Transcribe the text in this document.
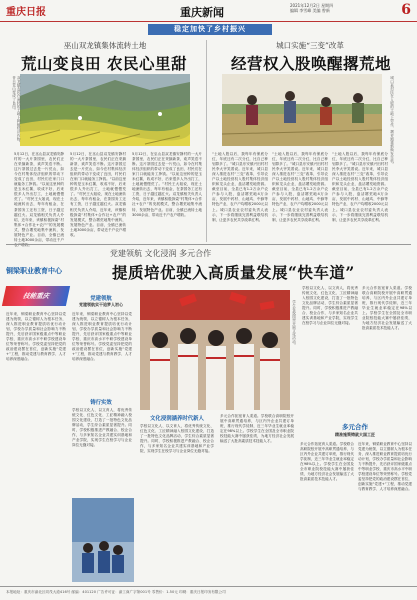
重庆日报	重庆新闻
2021年12月2日 星期四
编辑 李雪峰 美编 曾新	6
稳定加快了乡村振兴
巫山双龙镇集体流转土地
荒山变良田 农民心里甜
双龙镇农民在流转的土地上种植经济作物，昔日荒山变成了良田。
5月12日，在巫山县双龙镇安静村的一大片茶园里，农民们正在采摘新茶，欢声笑语不断。这片茶园过去是一片荒山，如今在村集体经济组织的带动下变成了良田，村民们在家门口就能务工挣钱。“以前这里种的是玉米红薯，收成不好，后来很多人外出打工，土地就慢慢荒了。”村民王大姐说，现在土地流转出去，每年有租金，在茶园务工还有工资，日子越过越红火。双龙镇相关负责人介绍，近年来，该镇积极探索“村集体+合作社+农户”的发展模式，整合撂荒地集中流转，发展特色产业。目前，全镇已流转土地3000余亩，带动近千户
5月12日，在巫山县双龙镇安静村的一大片茶园里，农民们正在采摘新茶，欢声笑语不断。这片茶园过去是一片荒山，如今在村集体经济组织的带动下变成了良田，村民们在家门口就能务工挣钱。“以前这里种的是玉米红薯，收成不好，后来很多人外出打工，土地就慢慢荒了。”村民王大姐说，现在土地流转出去，每年有租金，在茶园务工还有工资，日子越过越红火。双龙镇相关负责人介绍，近年来，该镇积极探索“村集体+合作社+农户”的发展模式，整合撂荒地集中流转，发展特色产业。目前，全镇已流转土地3000余亩，带动近千户农户增收。
5月12日，在巫山县双龙镇安静村的一大片茶园里，农民们正在采摘新茶，欢声笑语不断。这片茶园过去是一片荒山，如今在村集体经济组织的带动下变成了良田，村民们在家门口就能务工挣钱。“以前这里种的是玉米红薯，收成不好，后来很多人外出打工，土地就慢慢荒了。”村民王大姐说，现在土地流转出去，每年有租金，在茶园务工还有工资，日子越过越红火。双龙镇相关负责人介绍，近年来，该镇积极探索“村集体+合作社+农户”的发展模式，整合撂荒地集中流转，发展特色产业。目前，全镇已流转土地3000余亩，带动近千户农户增收。
城口实施“三变”改革
经营权入股唤醒撂荒地
城口县村民在入股的土地上劳作，撂荒地重新焕发生机。
“土地入股以后，我每年有保底分红，年底还有二次分红，比自己种划算多了。”城口县东安镇兴田村村民李大爷笑着说。近年来，城口县深入推进农村“三变”改革，引导农户以土地经营权入股村集体经济组织和龙头企业，盘活撂荒地资源。截至目前，全县已有1.2万余户农户参与入股，盘活撂荒地4万余亩，发展中药材、山地鸡、中蜂等特色产业，农户户均增收2000元以上。城口县农业农村委负责人表示，下一步将继续完善利益联结机制，让更多农民共享改革红利。
“土地入股以后，我每年有保底分红，年底还有二次分红，比自己种划算多了。”城口县东安镇兴田村村民李大爷笑着说。近年来，城口县深入推进农村“三变”改革，引导农户以土地经营权入股村集体经济组织和龙头企业，盘活撂荒地资源。截至目前，全县已有1.2万余户农户参与入股，盘活撂荒地4万余亩，发展中药材、山地鸡、中蜂等特色产业，农户户均增收2000元以上。城口县农业农村委负责人表示，下一步将继续完善利益联结机制，让更多农民共享改革红利。
“土地入股以后，我每年有保底分红，年底还有二次分红，比自己种划算多了。”城口县东安镇兴田村村民李大爷笑着说。近年来，城口县深入推进农村“三变”改革，引导农户以土地经营权入股村集体经济组织和龙头企业，盘活撂荒地资源。截至目前，全县已有1.2万余户农户参与入股，盘活撂荒地4万余亩，发展中药材、山地鸡、中蜂等特色产业，农户户均增收2000元以上。城口县农业农村委负责人表示，下一步将继续完善利益联结机制，让更多农民共享改革红利。
党建领航 文化浸润 多元合作
铜梁职业教育中心	提质培优驶入高质量发展“快车道”
技能重庆	党建领航
党建领航实干追梦人初心
近年来，铜梁职业教育中心坚持以党建为统领，以立德树人为根本任务，深入推进职业教育提质培优行动计划，学校办学质量和社会影响力不断提升，先后获评国家级重点中等职业学校、重庆市高水平中职学校建设单位等荣誉称号。学校党委坚持把党的政治建设摆在首位，创新实施“党建+”工程，推动党建与教育教学、人才培养深度融合。
近年来，铜梁职业教育中心坚持以党建为统领，以立德树人为根本任务，深入推进职业教育提质培优行动计划，学校办学质量和社会影响力不断提升，先后获评国家级重点中等职业学校、重庆市高水平中职学校建设单位等荣誉称号。学校党委坚持把党的政治建设摆在首位，创新实施“党建+”工程，推动党建与教育教学、人才培养深度融合。
铸行实效
学校以文化人、以文育人，将优秀传统文化、红色文化、工匠精神融入校园文化建设，打造了一批特色文化品牌活动，学生综合素质显著提升。同时，学校积极推进产教融合、校企合作，与多家知名企业共建实训基地和产业学院，实现学生在校学习与企业岗位无缝对接。
学生在校园里开展文化活动。
学校以文化人、以文育人，将优秀传统文化、红色文化、工匠精神融入校园文化建设，打造了一批特色文化品牌活动，学生综合素质显著提升。同时，学校积极推进产教融合、校企合作，与多家知名企业共建实训基地和产业学院，实现学生在校学习与企业岗位无缝对接。
多元合作拓宽育人渠道。学校联合高职院校开展中高职贯通培养，与区内外企业共建订单班，推行现代学徒制，近三年毕业生就业率稳定在98%以上。学校学生在全国及全市职业院校技能大赛中屡获佳绩，为地方经济社会发展输送了大批高素质技术技能人才。
文化浸润涵养时代新人
学校以文化人、以文育人，将优秀传统文化、红色文化、工匠精神融入校园文化建设，打造了一批特色文化品牌活动，学生综合素质显著提升。同时，学校积极推进产教融合、校企合作，与多家知名企业共建实训基地和产业学院，实现学生在校学习与企业岗位无缝对接。
多元合作拓宽育人渠道。学校联合高职院校开展中高职贯通培养，与区内外企业共建订单班，推行现代学徒制，近三年毕业生就业率稳定在98%以上。学校学生在全国及全市职业院校技能大赛中屡获佳绩，为地方经济社会发展输送了大批高素质技术技能人才。
多元合作
精准施策铸就大国工匠
多元合作拓宽育人渠道。学校联合高职院校开展中高职贯通培养，与区内外企业共建订单班，推行现代学徒制，近三年毕业生就业率稳定在98%以上。学校学生在全国及全市职业院校技能大赛中屡获佳绩，为地方经济社会发展输送了大批高素质技术技能人才。
近年来，铜梁职业教育中心坚持以党建为统领，以立德树人为根本任务，深入推进职业教育提质培优行动计划，学校办学质量和社会影响力不断提升，先后获评国家级重点中等职业学校、重庆市高水平中职学校建设单位等荣誉称号。学校党委坚持把党的政治建设摆在首位，创新实施“党建+”工程，推动党建与教育教学、人才培养深度融合。
本报地址：重庆市渝北区同茂大道416号 邮编：401120 广告许可证：渝工商广字第001号 零售价：1.50元 印刷：重庆日报印务有限公司
